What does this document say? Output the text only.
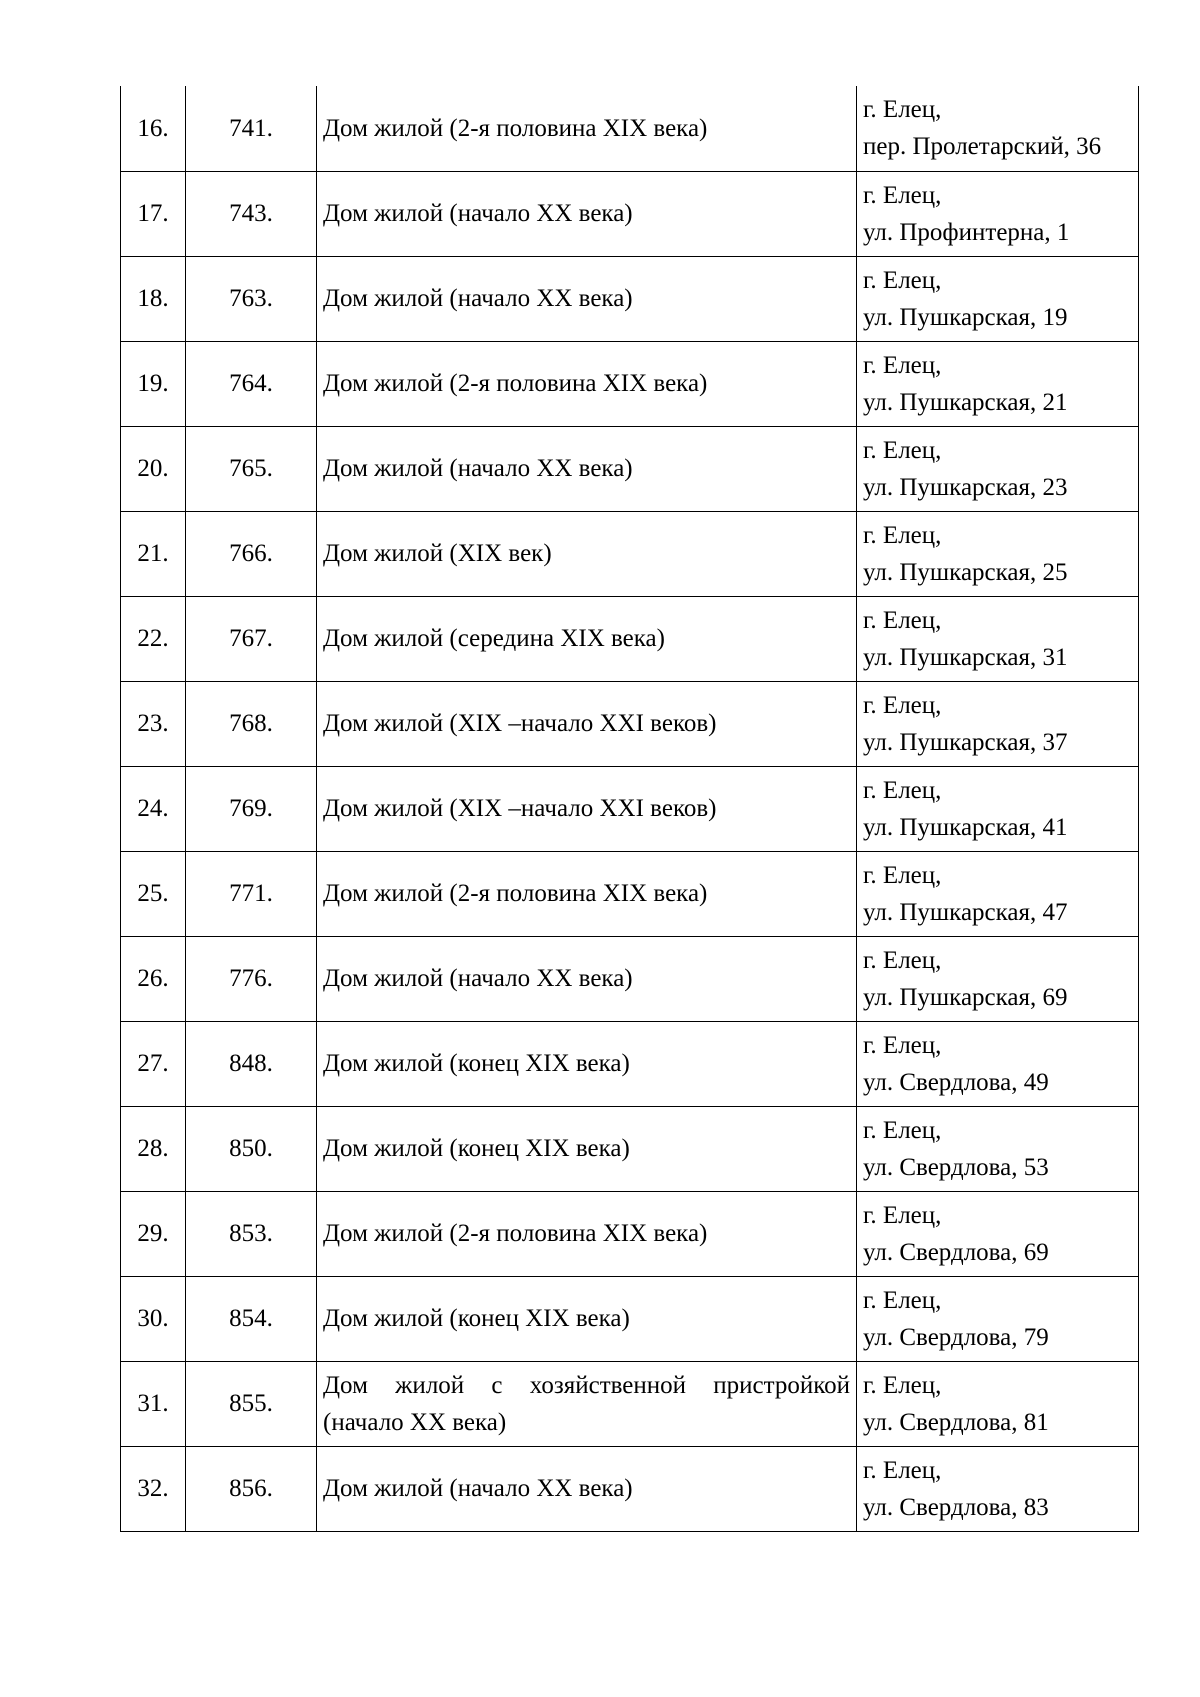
16.	741.	Дом жилой (2-я половина XIX века)	г. Елец,
пер. Пролетарский, 36

17.	743.	Дом жилой (начало XX века)	г. Елец,
ул. Профинтерна, 1

18.	763.	Дом жилой (начало XX века)	г. Елец,
ул. Пушкарская, 19

19.	764.	Дом жилой (2-я половина XIX века)	г. Елец,
ул. Пушкарская, 21

20.	765.	Дом жилой (начало XX века)	г. Елец,
ул. Пушкарская, 23

21.	766.	Дом жилой (XIX век)	г. Елец,
ул. Пушкарская, 25

22.	767.	Дом жилой (середина XIX века)	г. Елец,
ул. Пушкарская, 31

23.	768.	Дом жилой (XIX –начало XXI веков)	г. Елец,
ул. Пушкарская, 37

24.	769.	Дом жилой (XIX –начало XXI веков)	г. Елец,
ул. Пушкарская, 41

25.	771.	Дом жилой (2-я половина XIX века)	г. Елец,
ул. Пушкарская, 47

26.	776.	Дом жилой (начало XX века)	г. Елец,
ул. Пушкарская, 69

27.	848.	Дом жилой (конец XIX века)	г. Елец,
ул. Свердлова, 49

28.	850.	Дом жилой (конец XIX века)	г. Елец,
ул. Свердлова, 53

29.	853.	Дом жилой (2-я половина XIX века)	г. Елец,
ул. Свердлова, 69

30.	854.	Дом жилой (конец XIX века)	г. Елец,
ул. Свердлова, 79

31.	855.	Дом жилой с хозяйственной пристройкой (начало XX века)	г. Елец,
ул. Свердлова, 81

32.	856.	Дом жилой (начало XX века)	г. Елец,
ул. Свердлова, 83
